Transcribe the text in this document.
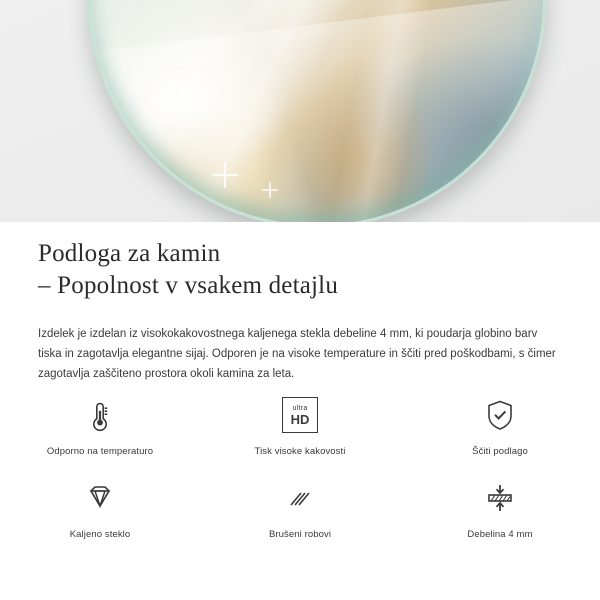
Podloga za kamin
– Popolnost v vsakem detajlu

Izdelek je izdelan iz visokokakovostnega kaljenega stekla debeline 4 mm, ki poudarja globino barv tiska in zagotavlja elegantne sijaj. Odporen je na visoke temperature in ščiti pred poškodbami, s čimer zagotavlja zaščiteno prostora okoli kamina za leta.

Odporno na temperaturo
ultra
HD
Tisk visoke kakovosti	Ščiti podlago
Kaljeno steklo	Brušeni robovi	Debelina 4 mm
